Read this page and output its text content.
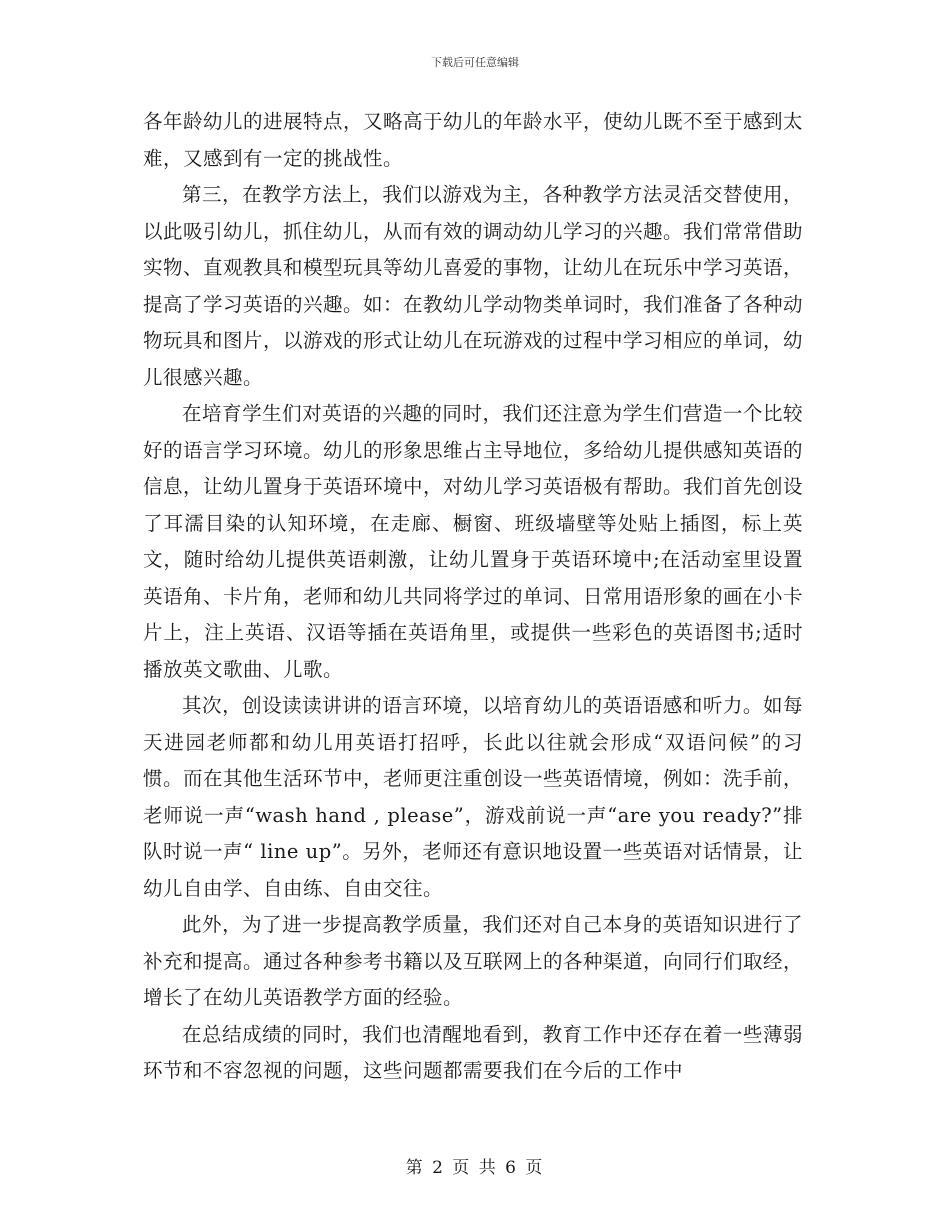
下载后可任意编辑

各年龄幼儿的进展特点，又略高于幼儿的年龄水平，使幼儿既不至于感到太难，又感到有一定的挑战性。

第三，在教学方法上，我们以游戏为主，各种教学方法灵活交替使用，以此吸引幼儿，抓住幼儿，从而有效的调动幼儿学习的兴趣。我们常常借助实物、直观教具和模型玩具等幼儿喜爱的事物，让幼儿在玩乐中学习英语，提高了学习英语的兴趣。如：在教幼儿学动物类单词时，我们准备了各种动物玩具和图片，以游戏的形式让幼儿在玩游戏的过程中学习相应的单词，幼儿很感兴趣。

在培育学生们对英语的兴趣的同时，我们还注意为学生们营造一个比较好的语言学习环境。幼儿的形象思维占主导地位，多给幼儿提供感知英语的信息，让幼儿置身于英语环境中，对幼儿学习英语极有帮助。我们首先创设了耳濡目染的认知环境，在走廊、橱窗、班级墙壁等处贴上插图，标上英文，随时给幼儿提供英语刺激，让幼儿置身于英语环境中;在活动室里设置英语角、卡片角，老师和幼儿共同将学过的单词、日常用语形象的画在小卡片上，注上英语、汉语等插在英语角里，或提供一些彩色的英语图书;适时播放英文歌曲、儿歌。

其次，创设读读讲讲的语言环境，以培育幼儿的英语语感和听力。如每天进园老师都和幼儿用英语打招呼，长此以往就会形成“双语问候”的习惯。而在其他生活环节中，老师更注重创设一些英语情境，例如：洗手前，老师说一声“wash hand , please”，游戏前说一声“are you ready?”排队时说一声“ line up”。另外，老师还有意识地设置一些英语对话情景，让幼儿自由学、自由练、自由交往。

此外，为了进一步提高教学质量，我们还对自己本身的英语知识进行了补充和提高。通过各种参考书籍以及互联网上的各种渠道，向同行们取经，增长了在幼儿英语教学方面的经验。

在总结成绩的同时，我们也清醒地看到，教育工作中还存在着一些薄弱环节和不容忽视的问题，这些问题都需要我们在今后的工作中

第 2 页 共 6 页
